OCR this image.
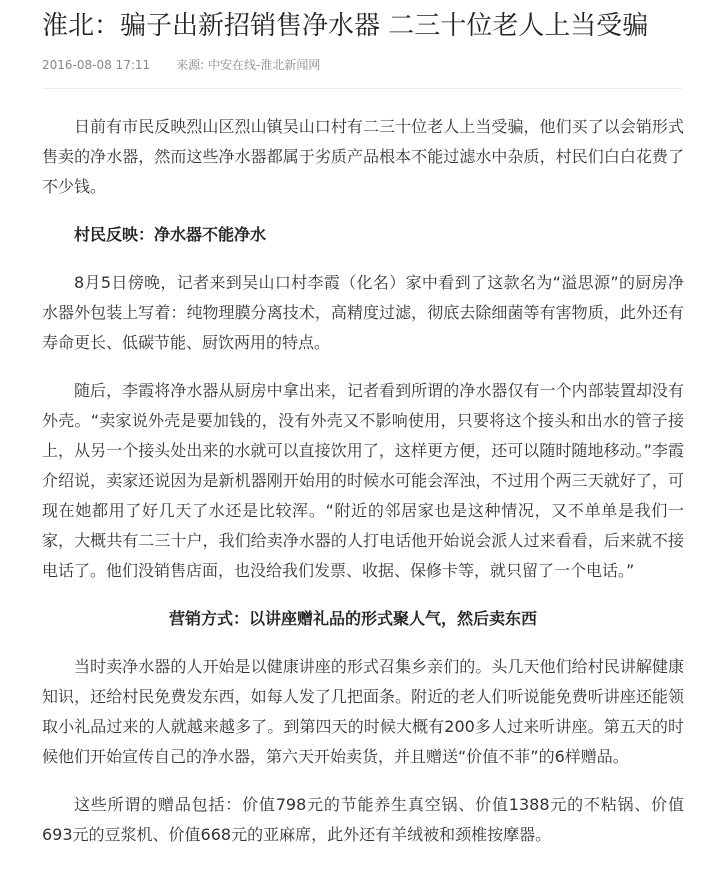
淮北：骗子出新招销售净水器 二三十位老人上当受骗
2016-08-08 17:11 来源: 中安在线-淮北新闻网

日前有市民反映烈山区烈山镇吴山口村有二三十位老人上当受骗，他们买了以会销形式售卖的净水器，然而这些净水器都属于劣质产品根本不能过滤水中杂质，村民们白白花费了不少钱。

村民反映：净水器不能净水

8月5日傍晚，记者来到吴山口村李霞（化名）家中看到了这款名为“溢思源”的厨房净水器外包装上写着：纯物理膜分离技术，高精度过滤，彻底去除细菌等有害物质，此外还有寿命更长、低碳节能、厨饮两用的特点。

随后，李霞将净水器从厨房中拿出来，记者看到所谓的净水器仅有一个内部装置却没有外壳。“卖家说外壳是要加钱的，没有外壳又不影响使用，只要将这个接头和出水的管子接上，从另一个接头处出来的水就可以直接饮用了，这样更方便，还可以随时随地移动。”李霞介绍说，卖家还说因为是新机器刚开始用的时候水可能会浑浊，不过用个两三天就好了，可现在她都用了好几天了水还是比较浑。“附近的邻居家也是这种情况，又不单单是我们一家，大概共有二三十户，我们给卖净水器的人打电话他开始说会派人过来看看，后来就不接电话了。他们没销售店面，也没给我们发票、收据、保修卡等，就只留了一个电话。”

营销方式：以讲座赠礼品的形式聚人气，然后卖东西

当时卖净水器的人开始是以健康讲座的形式召集乡亲们的。头几天他们给村民讲解健康知识，还给村民免费发东西，如每人发了几把面条。附近的老人们听说能免费听讲座还能领取小礼品过来的人就越来越多了。到第四天的时候大概有200多人过来听讲座。第五天的时候他们开始宣传自己的净水器，第六天开始卖货，并且赠送“价值不菲”的6样赠品。

这些所谓的赠品包括：价值798元的节能养生真空锅、价值1388元的不粘锅、价值693元的豆浆机、价值668元的亚麻席，此外还有羊绒被和颈椎按摩器。
